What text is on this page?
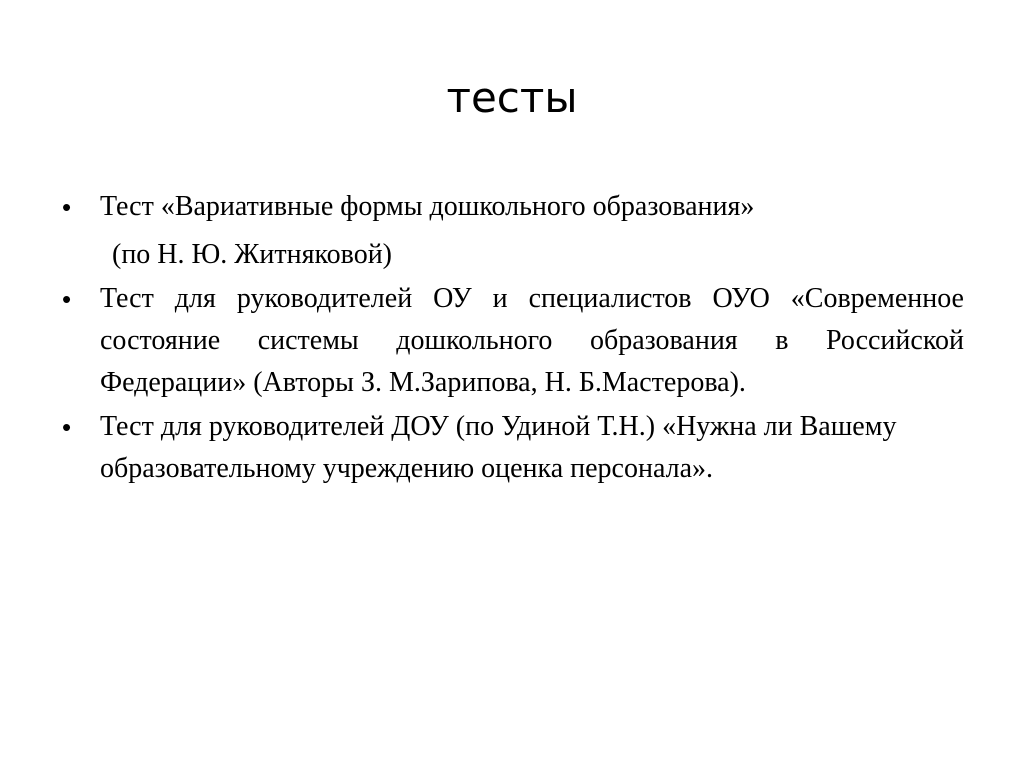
тесты
• Тест «Вариативные формы дошкольного образования»
(по Н. Ю. Житняковой)
• Тест для руководителей ОУ и специалистов ОУО «Современное состояние системы дошкольного образования в Российской Федерации» (Авторы З. М.Зарипова, Н. Б.Мастерова).
• Тест для руководителей ДОУ (по Удиной Т.Н.) «Нужна ли Вашему образовательному учреждению оценка персонала».
